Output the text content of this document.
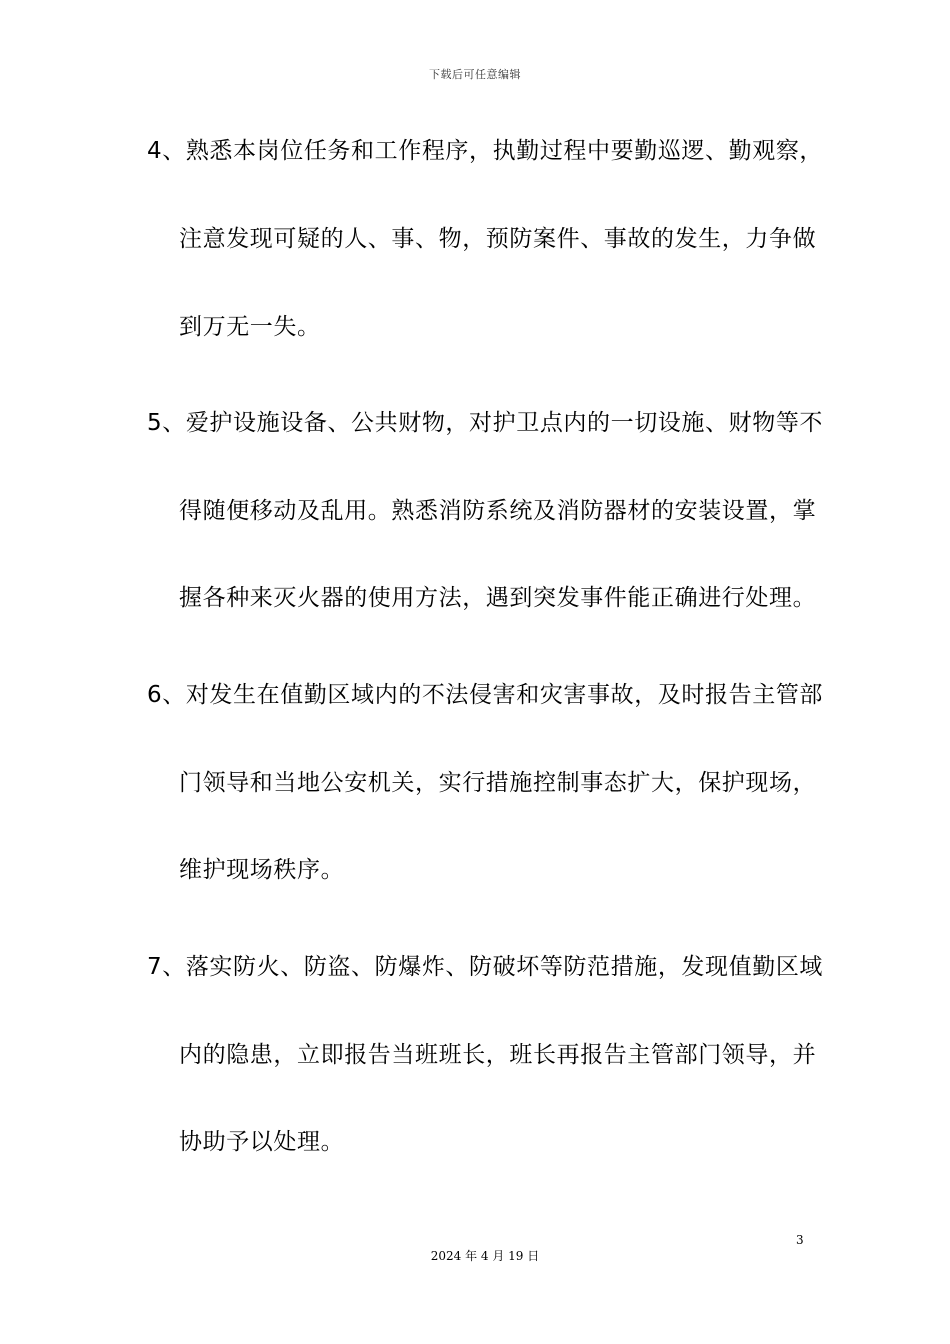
下载后可任意编辑
4、熟悉本岗位任务和工作程序，执勤过程中要勤巡逻、勤观察，
注意发现可疑的人、事、物，预防案件、事故的发生，力争做
到万无一失。
5、爱护设施设备、公共财物，对护卫点内的一切设施、财物等不
得随便移动及乱用。熟悉消防系统及消防器材的安装设置，掌
握各种来灭火器的使用方法，遇到突发事件能正确进行处理。
6、对发生在值勤区域内的不法侵害和灾害事故，及时报告主管部
门领导和当地公安机关，实行措施控制事态扩大，保护现场，
维护现场秩序。
7、落实防火、防盗、防爆炸、防破坏等防范措施，发现值勤区域
内的隐患，立即报告当班班长，班长再报告主管部门领导，并
协助予以处理。
3
2024 年 4 月 19 日
